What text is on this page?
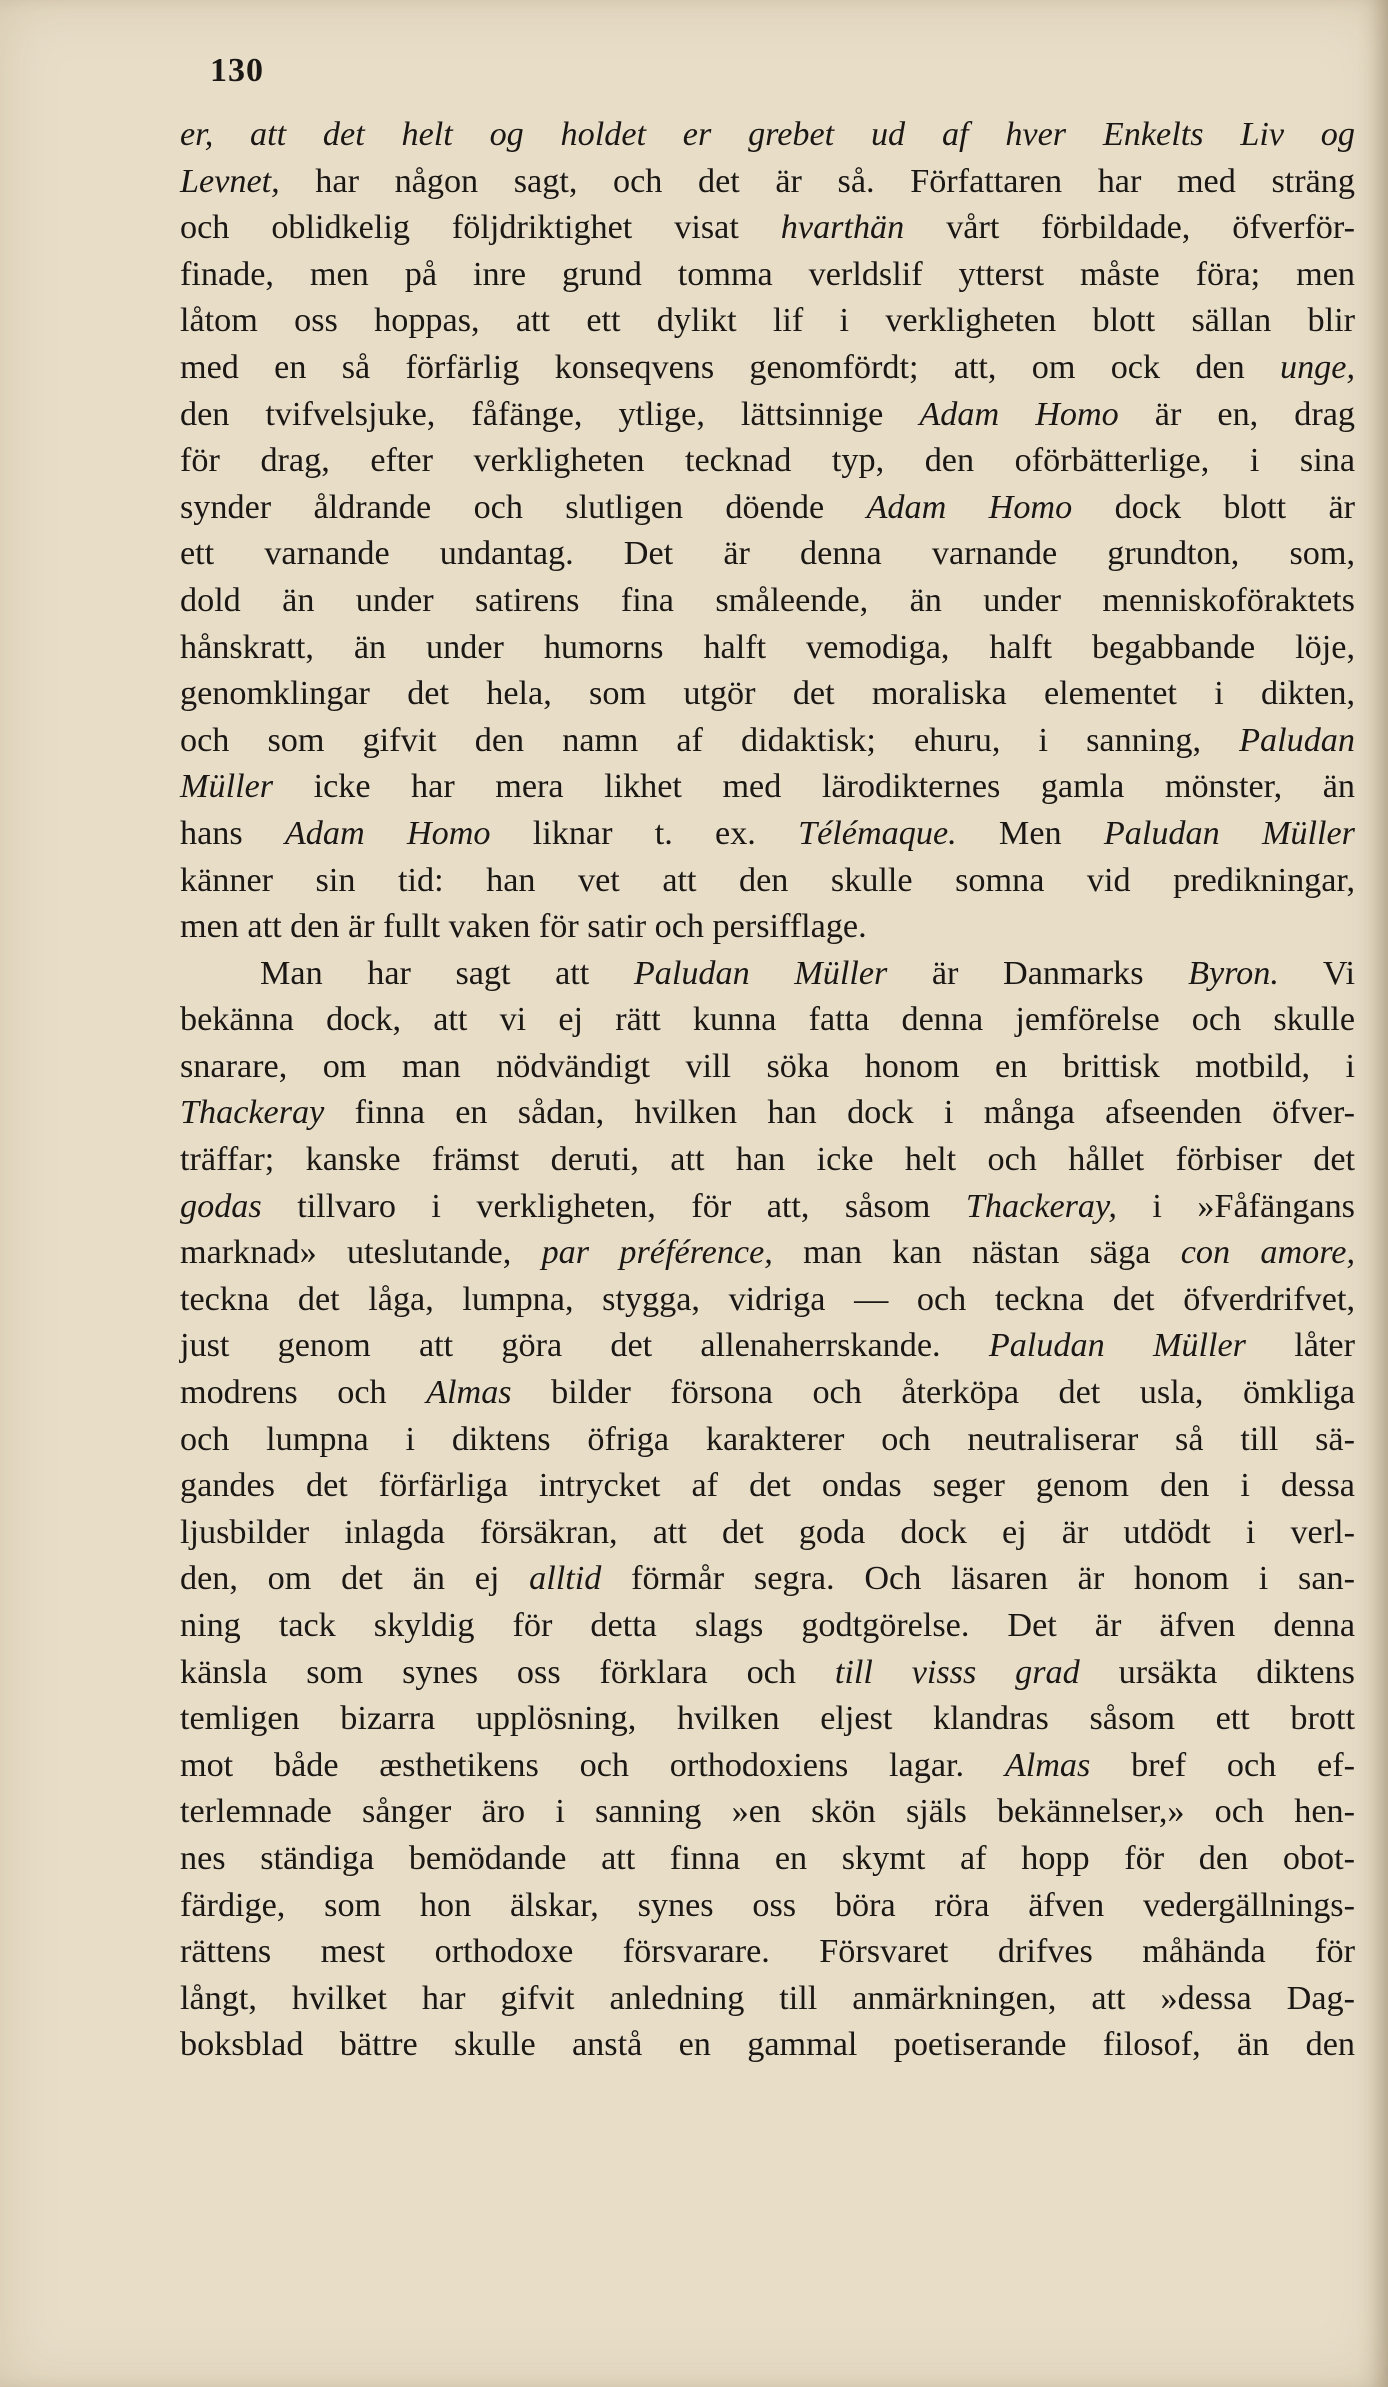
130

er, att det helt og holdet er grebet ud af hver Enkelts Liv og
Levnet, har någon sagt, och det är så. Författaren har med sträng
och oblidkelig följdriktighet visat hvarthän vårt förbildade, öfverför-
finade, men på inre grund tomma verldslif ytterst måste föra; men
låtom oss hoppas, att ett dylikt lif i verkligheten blott sällan blir
med en så förfärlig konseqvens genomfördt; att, om ock den unge,
den tvifvelsjuke, fåfänge, ytlige, lättsinnige Adam Homo är en, drag
för drag, efter verkligheten tecknad typ, den oförbätterlige, i sina
synder åldrande och slutligen döende Adam Homo dock blott är
ett varnande undantag. Det är denna varnande grundton, som,
dold än under satirens fina småleende, än under menniskoföraktets
hånskratt, än under humorns halft vemodiga, halft begabbande löje,
genomklingar det hela, som utgör det moraliska elementet i dikten,
och som gifvit den namn af didaktisk; ehuru, i sanning, Paludan
Müller icke har mera likhet med lärodikternes gamla mönster, än
hans Adam Homo liknar t. ex. Télémaque. Men Paludan Müller
känner sin tid: han vet att den skulle somna vid predikningar,
men att den är fullt vaken för satir och persifflage.
Man har sagt att Paludan Müller är Danmarks Byron. Vi
bekänna dock, att vi ej rätt kunna fatta denna jemförelse och skulle
snarare, om man nödvändigt vill söka honom en brittisk motbild, i
Thackeray finna en sådan, hvilken han dock i många afseenden öfver-
träffar; kanske främst deruti, att han icke helt och hållet förbiser det
godas tillvaro i verkligheten, för att, såsom Thackeray, i »Fåfängans
marknad» uteslutande, par préférence, man kan nästan säga con amore,
teckna det låga, lumpna, stygga, vidriga — och teckna det öfverdrifvet,
just genom att göra det allenaherrskande. Paludan Müller låter
modrens och Almas bilder försona och återköpa det usla, ömkliga
och lumpna i diktens öfriga karakterer och neutraliserar så till sä-
gandes det förfärliga intrycket af det ondas seger genom den i dessa
ljusbilder inlagda försäkran, att det goda dock ej är utdödt i verl-
den, om det än ej alltid förmår segra. Och läsaren är honom i san-
ning tack skyldig för detta slags godtgörelse. Det är äfven denna
känsla som synes oss förklara och till visss grad ursäkta diktens
temligen bizarra upplösning, hvilken eljest klandras såsom ett brott
mot både æsthetikens och orthodoxiens lagar. Almas bref och ef-
terlemnade sånger äro i sanning »en skön själs bekännelser,» och hen-
nes ständiga bemödande att finna en skymt af hopp för den obot-
färdige, som hon älskar, synes oss böra röra äfven vedergällnings-
rättens mest orthodoxe försvarare. Försvaret drifves måhända för
långt, hvilket har gifvit anledning till anmärkningen, att »dessa Dag-
boksblad bättre skulle anstå en gammal poetiserande filosof, än den
